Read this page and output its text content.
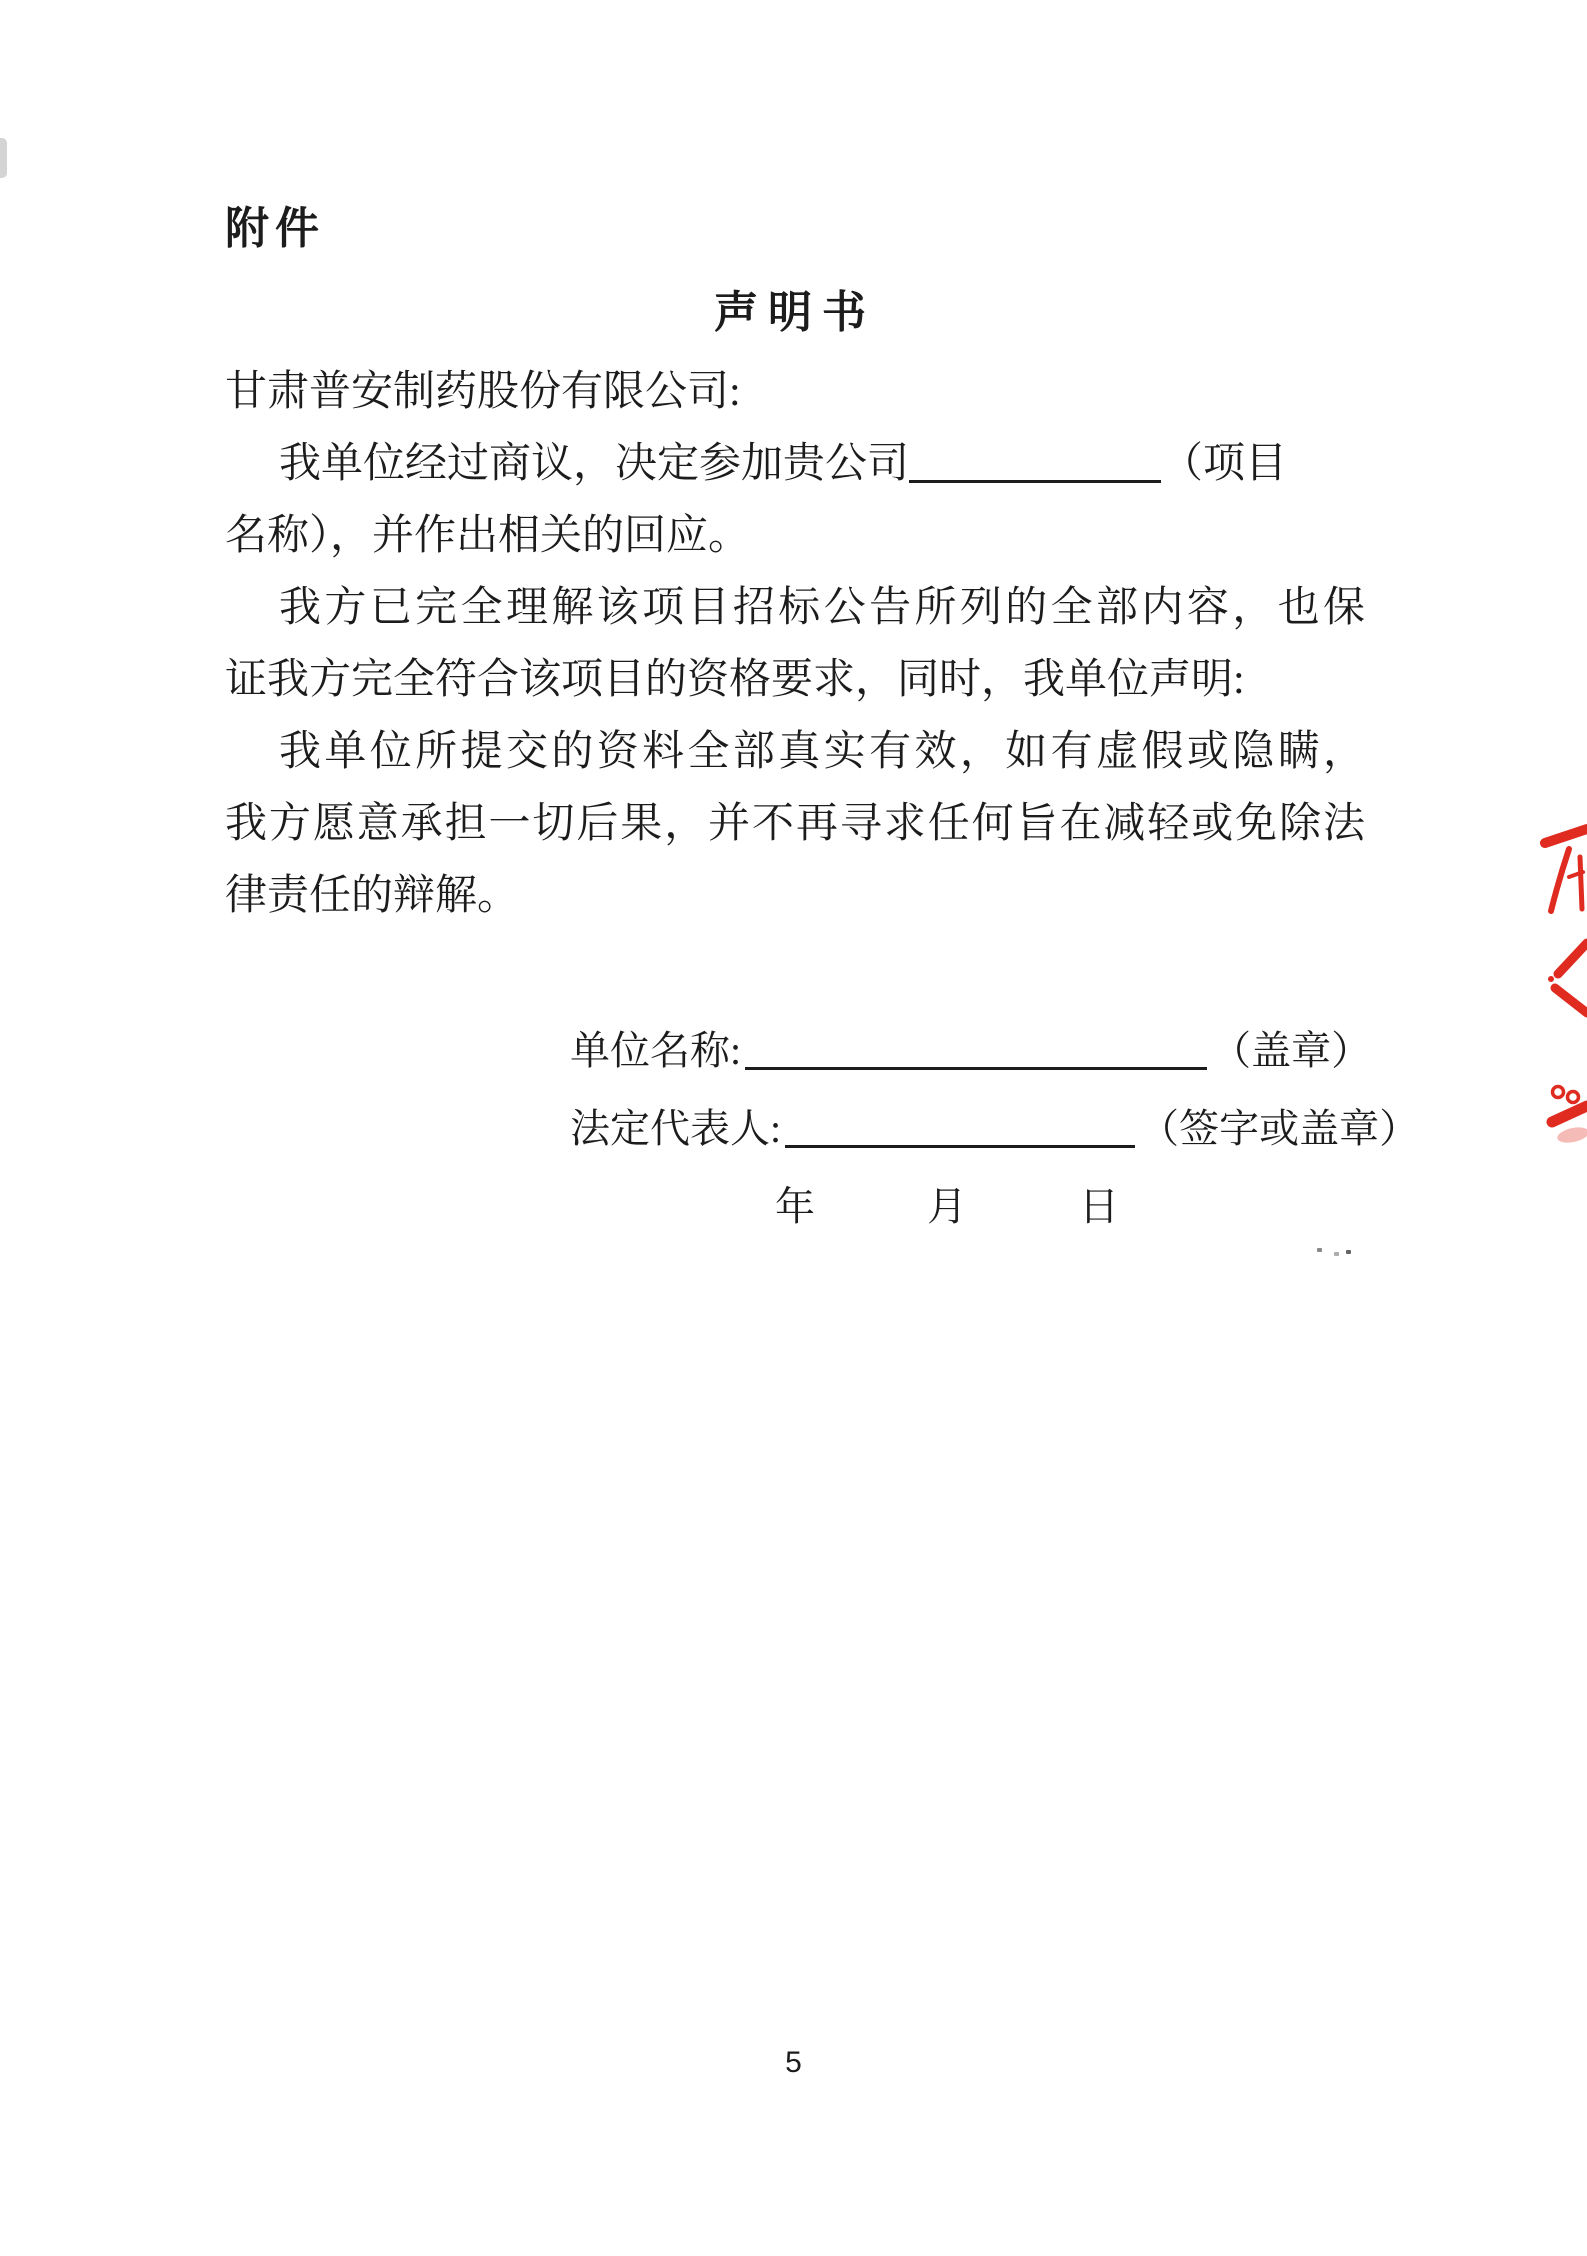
附件
声明书
甘肃普安制药股份有限公司:
我单位经过商议，决定参加贵公司	（项目
名称），并作出相关的回应。
我方已完全理解该项目招标公告所列的全部内容，也保
证我方完全符合该项目的资格要求，同时，我单位声明:
我单位所提交的资料全部真实有效，如有虚假或隐瞒，
我方愿意承担一切后果，并不再寻求任何旨在减轻或免除法
律责任的辩解。
单位名称:	（盖章）
法定代表人:	（签字或盖章）
年	月	日
5
